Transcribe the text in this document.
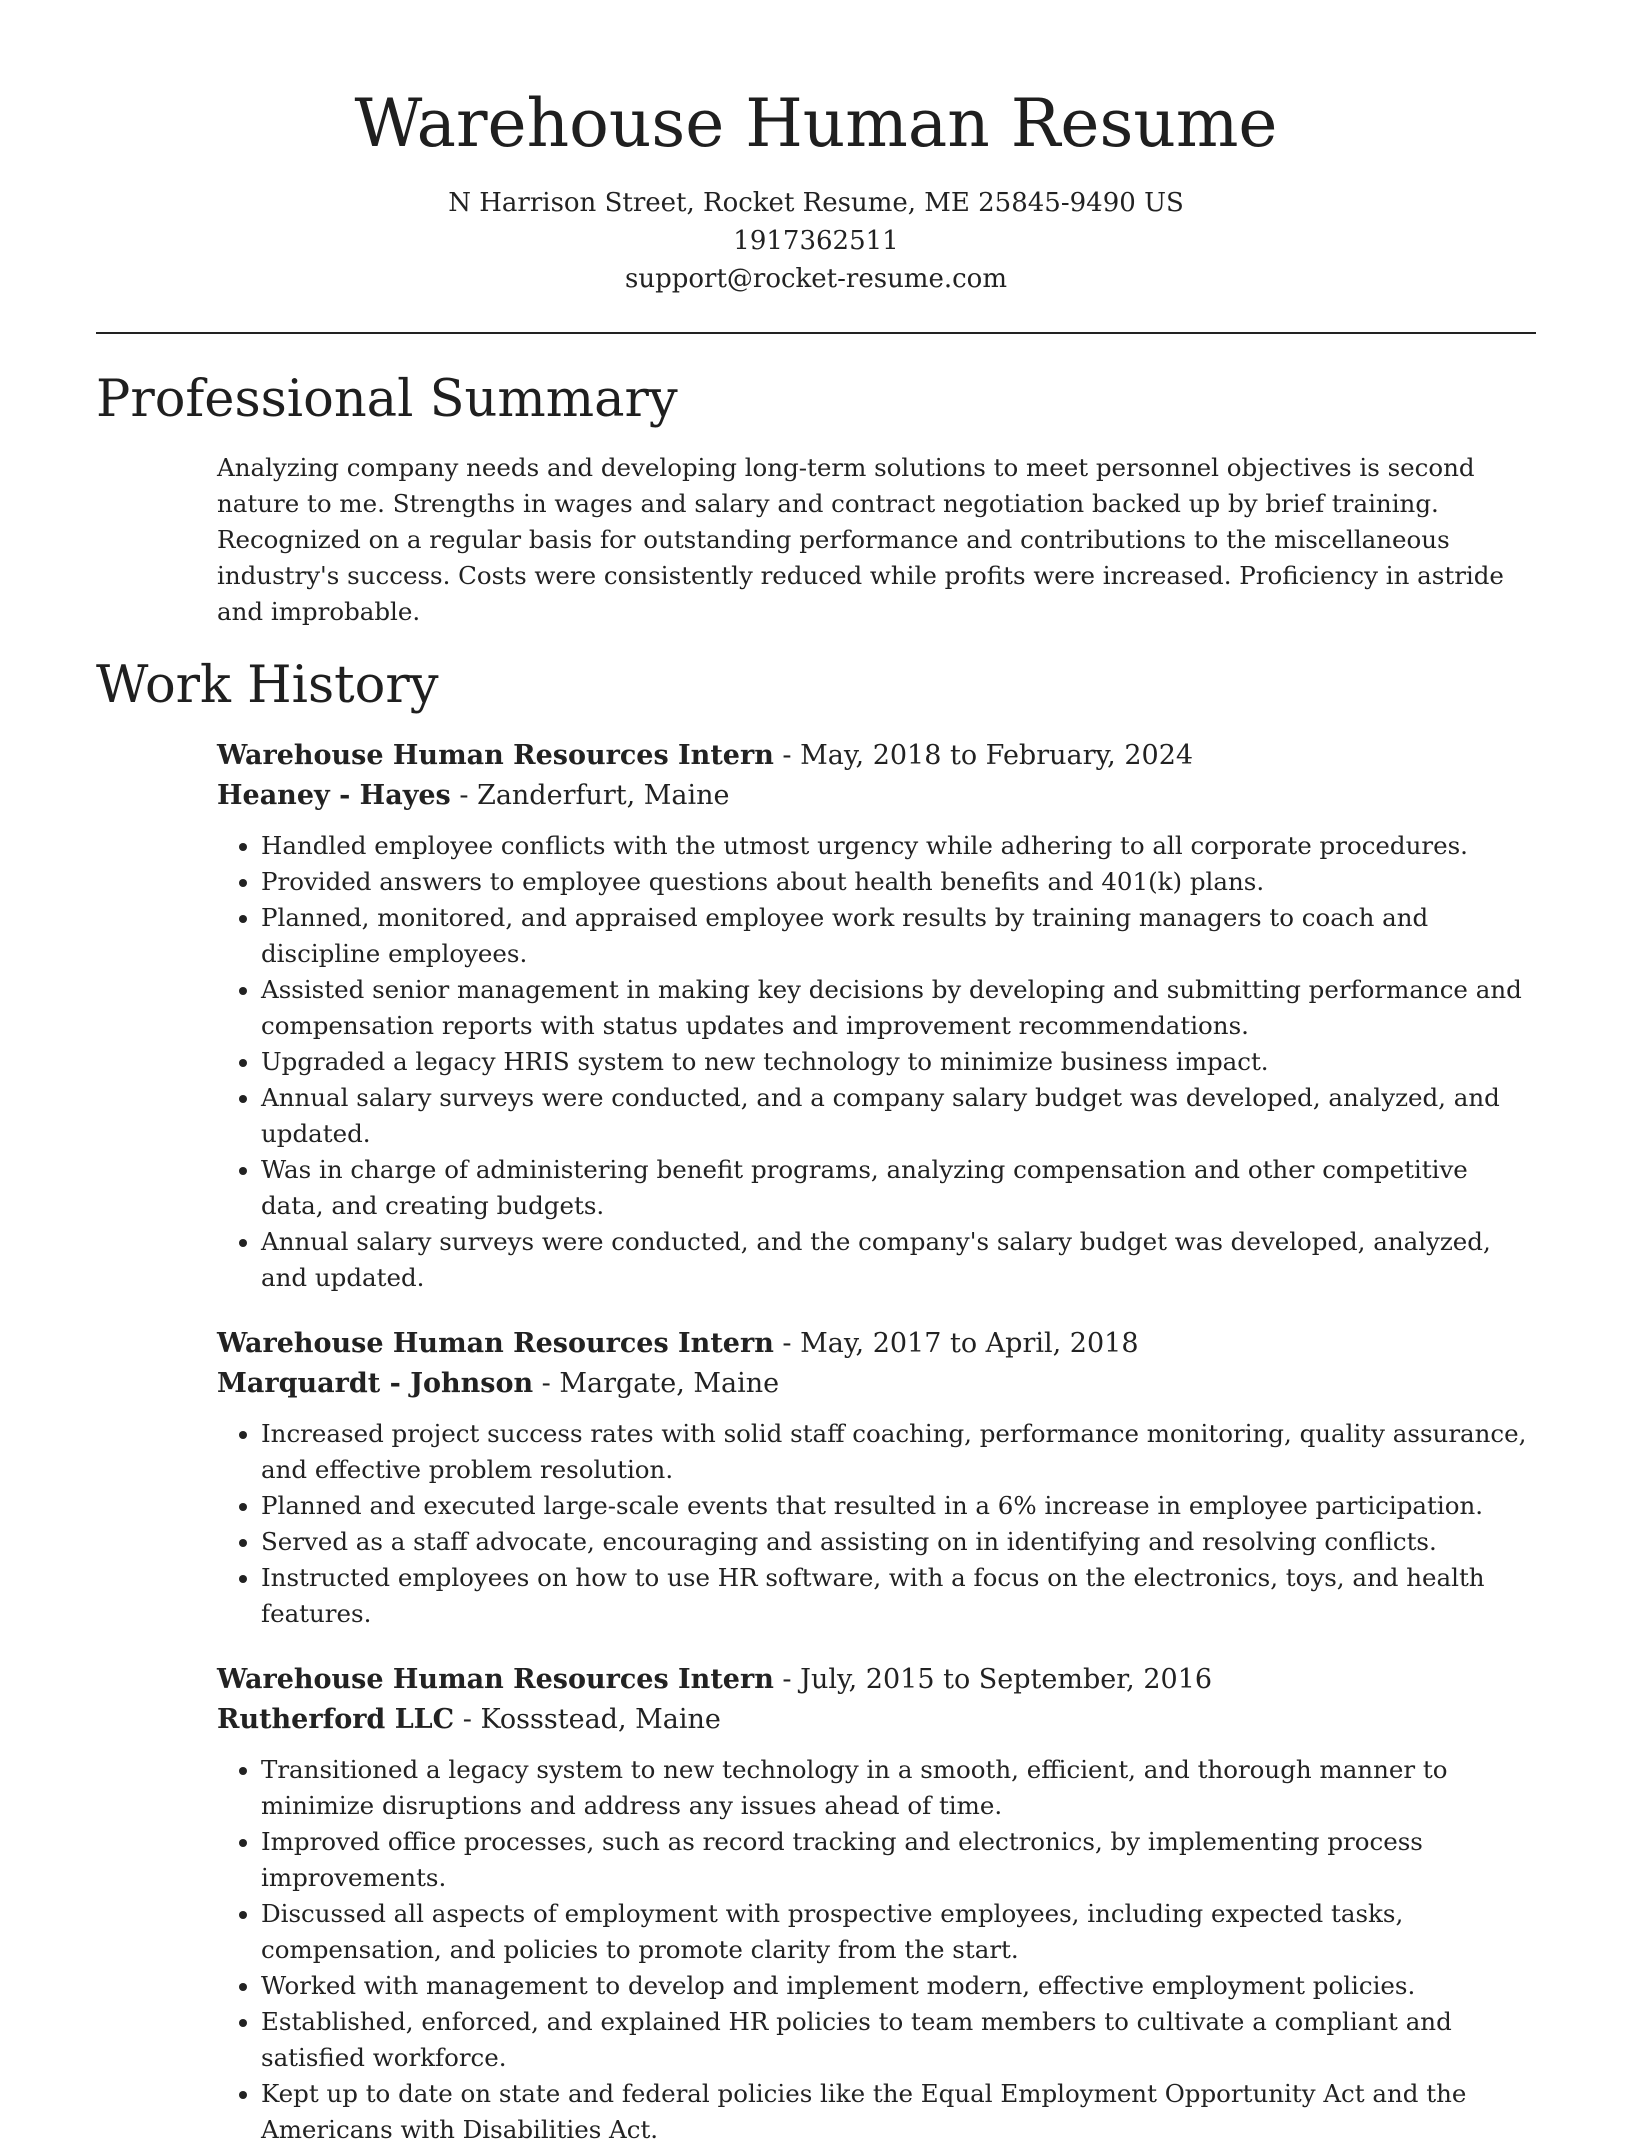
Warehouse Human Resume

N Harrison Street, Rocket Resume, ME 25845-9490 US

1917362511

support@rocket-resume.com

Professional Summary

Analyzing company needs and developing long-term solutions to meet personnel objectives is second nature to me. Strengths in wages and salary and contract negotiation backed up by brief training. Recognized on a regular basis for outstanding performance and contributions to the miscellaneous industry's success. Costs were consistently reduced while profits were increased. Proficiency in astride and improbable.

Work History

Warehouse Human Resources Intern - May, 2018 to February, 2024

Heaney - Hayes - Zanderfurt, Maine

• Handled employee conflicts with the utmost urgency while adhering to all corporate procedures.
• Provided answers to employee questions about health benefits and 401(k) plans.
• Planned, monitored, and appraised employee work results by training managers to coach and discipline employees.
• Assisted senior management in making key decisions by developing and submitting performance and compensation reports with status updates and improvement recommendations.
• Upgraded a legacy HRIS system to new technology to minimize business impact.
• Annual salary surveys were conducted, and a company salary budget was developed, analyzed, and updated.
• Was in charge of administering benefit programs, analyzing compensation and other competitive data, and creating budgets.
• Annual salary surveys were conducted, and the company's salary budget was developed, analyzed, and updated.

Warehouse Human Resources Intern - May, 2017 to April, 2018

Marquardt - Johnson - Margate, Maine

• Increased project success rates with solid staff coaching, performance monitoring, quality assurance, and effective problem resolution.
• Planned and executed large-scale events that resulted in a 6% increase in employee participation.
• Served as a staff advocate, encouraging and assisting on in identifying and resolving conflicts.
• Instructed employees on how to use HR software, with a focus on the electronics, toys, and health features.

Warehouse Human Resources Intern - July, 2015 to September, 2016

Rutherford LLC - Kossstead, Maine

• Transitioned a legacy system to new technology in a smooth, efficient, and thorough manner to minimize disruptions and address any issues ahead of time.
• Improved office processes, such as record tracking and electronics, by implementing process improvements.
• Discussed all aspects of employment with prospective employees, including expected tasks, compensation, and policies to promote clarity from the start.
• Worked with management to develop and implement modern, effective employment policies.
• Established, enforced, and explained HR policies to team members to cultivate a compliant and satisfied workforce.
• Kept up to date on state and federal policies like the Equal Employment Opportunity Act and the Americans with Disabilities Act.
